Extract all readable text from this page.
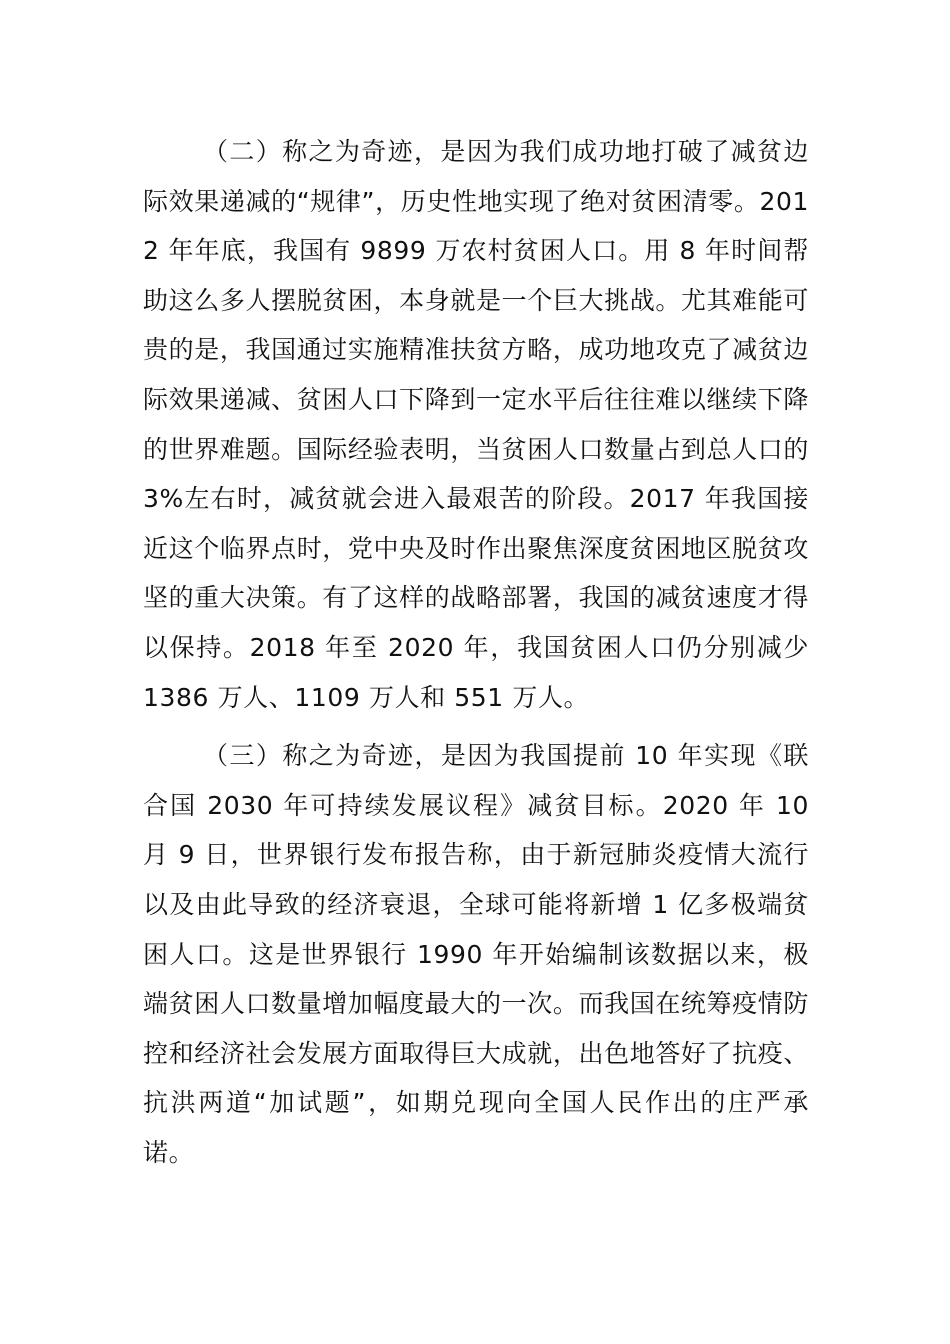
（二）称之为奇迹，是因为我们成功地打破了减贫边际效果递减的“规律”，历史性地实现了绝对贫困清零。2012 年年底，我国有 9899 万农村贫困人口。用 8 年时间帮助这么多人摆脱贫困，本身就是一个巨大挑战。尤其难能可贵的是，我国通过实施精准扶贫方略，成功地攻克了减贫边际效果递减、贫困人口下降到一定水平后往往难以继续下降的世界难题。国际经验表明，当贫困人口数量占到总人口的 3%左右时，减贫就会进入最艰苦的阶段。2017 年我国接近这个临界点时，党中央及时作出聚焦深度贫困地区脱贫攻坚的重大决策。有了这样的战略部署，我国的减贫速度才得以保持。2018 年至 2020 年，我国贫困人口仍分别减少 1386 万人、1109 万人和 551 万人。

（三）称之为奇迹，是因为我国提前 10 年实现《联合国 2030 年可持续发展议程》减贫目标。2020 年 10 月 9 日，世界银行发布报告称，由于新冠肺炎疫情大流行以及由此导致的经济衰退，全球可能将新增 1 亿多极端贫困人口。这是世界银行 1990 年开始编制该数据以来，极端贫困人口数量增加幅度最大的一次。而我国在统筹疫情防控和经济社会发展方面取得巨大成就，出色地答好了抗疫、抗洪两道“加试题”，如期兑现向全国人民作出的庄严承诺。
